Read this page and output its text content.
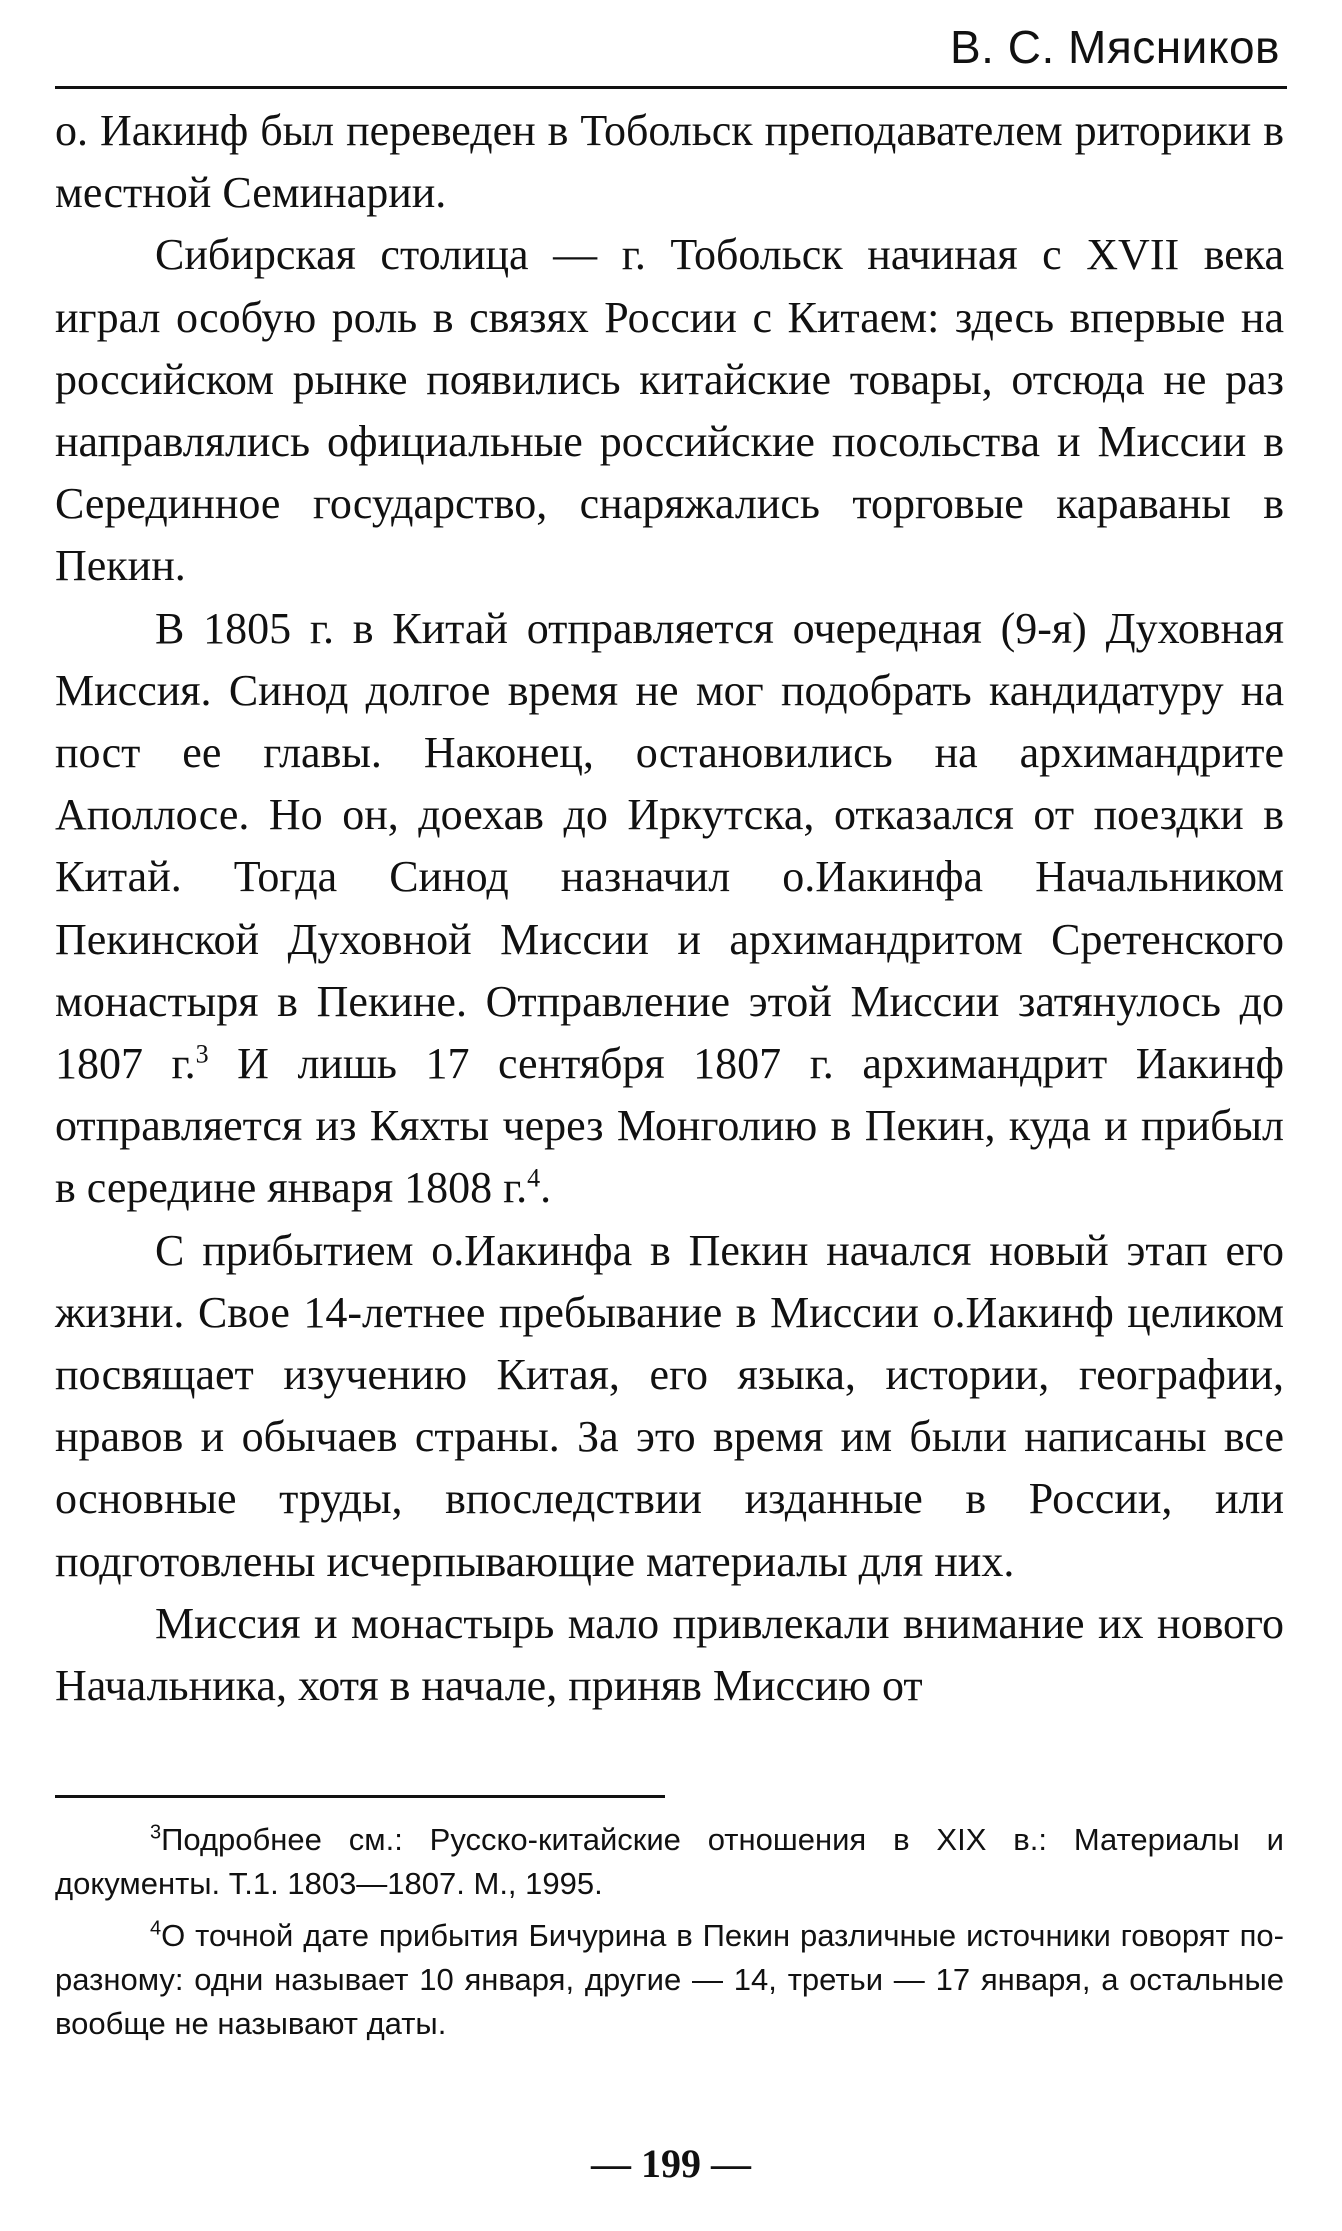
В. С. Мясников

о. Иакинф был переведен в Тобольск преподавателем риторики в местной Семинарии.

Сибирская столица — г. Тобольск начиная с XVII века играл особую роль в связях России с Китаем: здесь впервые на российском рынке появились китайские товары, отсюда не раз направлялись официальные российские посольства и Миссии в Серединное государство, снаряжались торговые караваны в Пекин.

В 1805 г. в Китай отправляется очередная (9-я) Духовная Миссия. Синод долгое время не мог подобрать кандидатуру на пост ее главы. Наконец, остановились на архимандрите Аполлосе. Но он, доехав до Иркутска, отказался от поездки в Китай. Тогда Синод назначил о.Иакинфа Начальником Пекинской Духовной Миссии и архимандритом Сретенского монастыря в Пекине. Отправление этой Миссии затянулось до 1807 г.$^3$ И лишь 17 сентября 1807 г. архимандрит Иакинф отправляется из Кяхты через Монголию в Пекин, куда и прибыл в середине января 1808 г.$^4$.

С прибытием о.Иакинфа в Пекин начался новый этап его жизни. Свое 14-летнее пребывание в Миссии о.Иакинф целиком посвящает изучению Китая, его языка, истории, географии, нравов и обычаев страны. За это время им были написаны все основные труды, впоследствии изданные в России, или подготовлены исчерпывающие материалы для них.

Миссия и монастырь мало привлекали внимание их нового Начальника, хотя в начале, приняв Миссию от

$^3$Подробнее см.: Русско-китайские отношения в XIX в.: Материалы и документы. Т.1. 1803—1807. М., 1995.

$^4$О точной дате прибытия Бичурина в Пекин различные источники говорят по-разному: одни называет 10 января, другие — 14, третьи — 17 января, а остальные вообще не называют даты.

— 199 —
